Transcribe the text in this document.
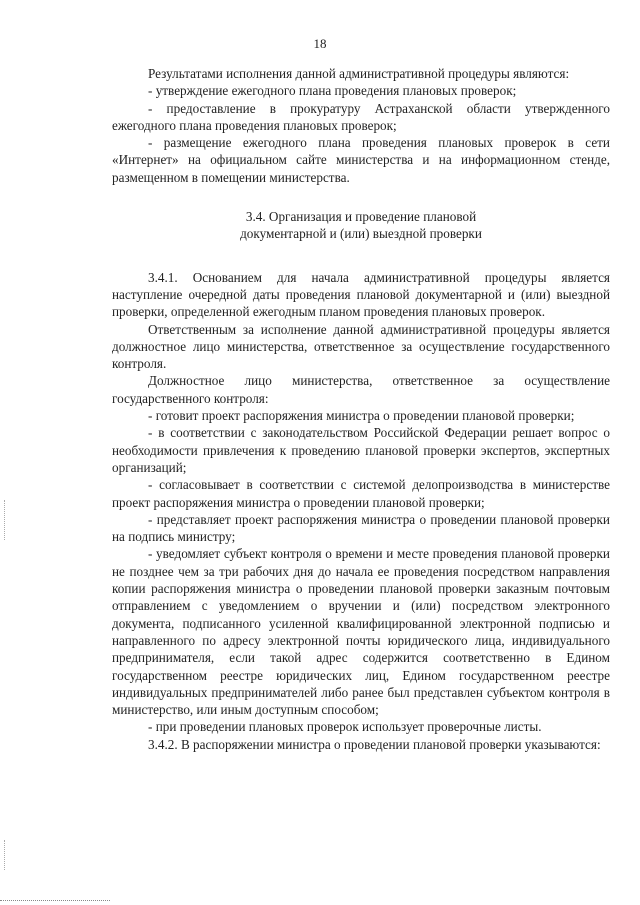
18

Результатами исполнения данной административной процедуры являются:

- утверждение ежегодного плана проведения плановых проверок;

- предоставление в прокуратуру Астраханской области утвержденного ежегодного плана проведения плановых проверок;

- размещение ежегодного плана проведения плановых проверок в сети «Интернет» на официальном сайте министерства и на информационном стенде, размещенном в помещении министерства.

3.4. Организация и проведение плановой
документарной и (или) выездной проверки

3.4.1. Основанием для начала административной процедуры является наступление очередной даты проведения плановой документарной и (или) выездной проверки, определенной ежегодным планом проведения плановых проверок.

Ответственным за исполнение данной административной процедуры является должностное лицо министерства, ответственное за осуществление государственного контроля.

Должностное лицо министерства, ответственное за осуществление государственного контроля:

- готовит проект распоряжения министра о проведении плановой проверки;

- в соответствии с законодательством Российской Федерации решает вопрос о необходимости привлечения к проведению плановой проверки экспертов, экспертных организаций;

- согласовывает в соответствии с системой делопроизводства в министерстве проект распоряжения министра о проведении плановой проверки;

- представляет проект распоряжения министра о проведении плановой проверки на подпись министру;

- уведомляет субъект контроля о времени и месте проведения плановой проверки не позднее чем за три рабочих дня до начала ее проведения посредством направления копии распоряжения министра о проведении плановой проверки заказным почтовым отправлением с уведомлением о вручении и (или) посредством электронного документа, подписанного усиленной квалифицированной электронной подписью и направленного по адресу электронной почты юридического лица, индивидуального предпринимателя, если такой адрес содержится соответственно в Едином государственном реестре юридических лиц, Едином государственном реестре индивидуальных предпринимателей либо ранее был представлен субъектом контроля в министерство, или иным доступным способом;

- при проведении плановых проверок использует проверочные листы.

3.4.2. В распоряжении министра о проведении плановой проверки указываются:
